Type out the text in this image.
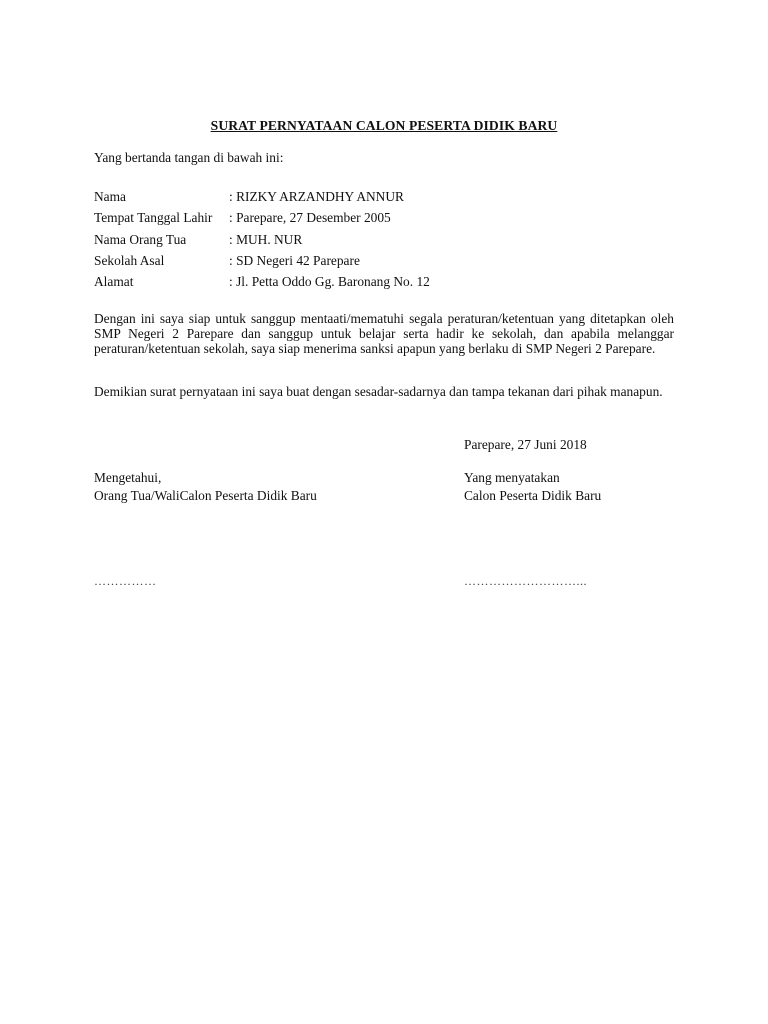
SURAT PERNYATAAN CALON PESERTA DIDIK BARU
Yang bertanda tangan di bawah ini:
Nama	: RIZKY ARZANDHY ANNUR
Tempat Tanggal Lahir : Parepare, 27 Desember 2005
Nama Orang Tua	: MUH. NUR
Sekolah Asal	: SD Negeri 42 Parepare
Alamat	: Jl. Petta Oddo Gg. Baronang No. 12
Dengan ini saya siap untuk sanggup mentaati/mematuhi segala peraturan/ketentuan yang ditetapkan oleh SMP Negeri 2 Parepare dan sanggup untuk belajar serta hadir ke sekolah, dan apabila melanggar peraturan/ketentuan sekolah, saya siap menerima sanksi apapun yang berlaku di SMP Negeri 2 Parepare.
Demikian surat pernyataan ini saya buat dengan sesadar-sadarnya dan tampa tekanan dari pihak manapun.
Parepare, 27 Juni 2018
Mengetahui,
Orang Tua/WaliCalon Peserta Didik Baru
Yang menyatakan
Calon Peserta Didik Baru
……………	………………………...
